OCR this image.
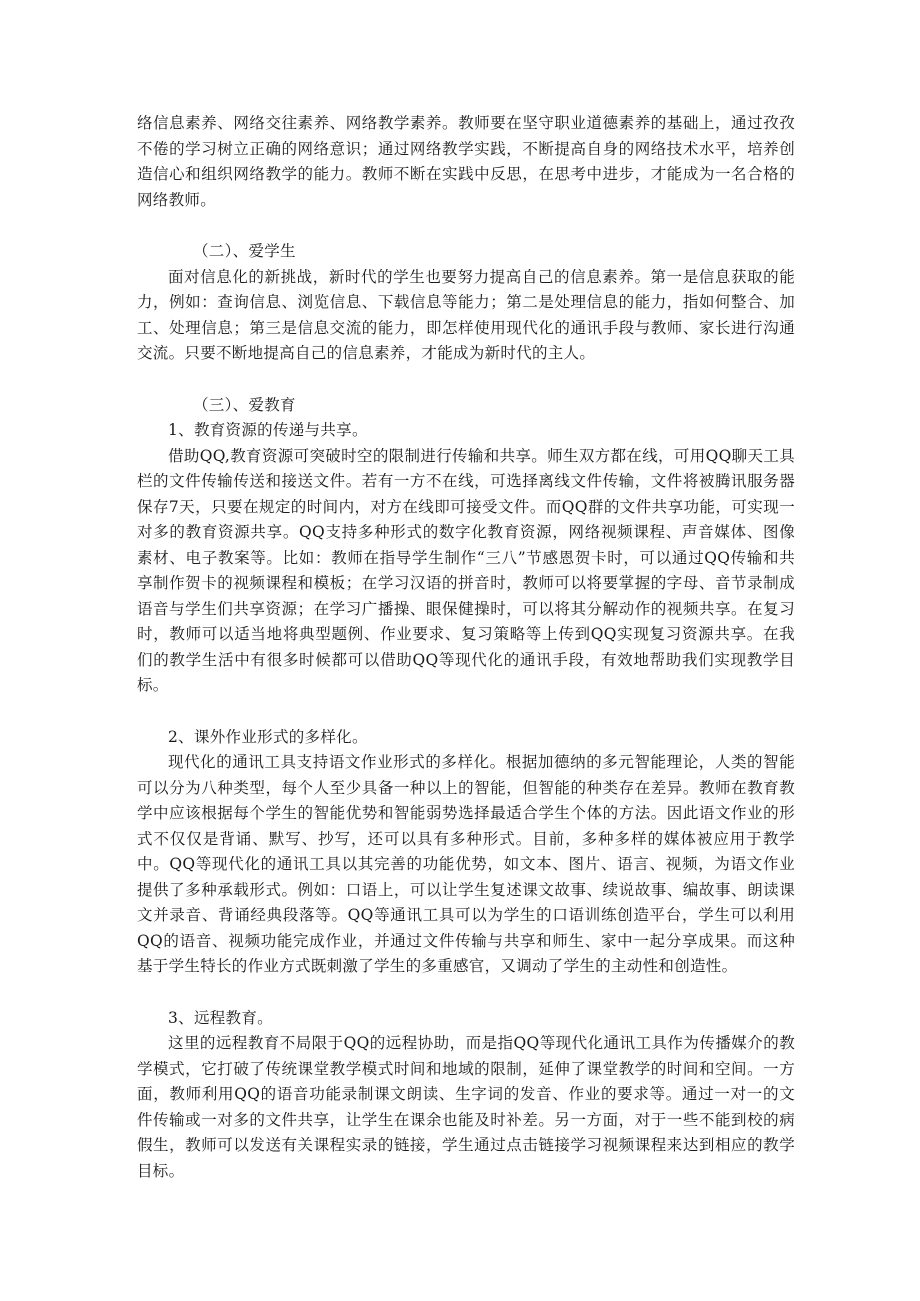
络信息素养、网络交往素养、网络教学素养。教师要在坚守职业道德素养的基础上，通过孜孜不倦的学习树立正确的网络意识；通过网络教学实践，不断提高自身的网络技术水平，培养创造信心和组织网络教学的能力。教师不断在实践中反思，在思考中进步，才能成为一名合格的网络教师。

（二）、爱学生

面对信息化的新挑战，新时代的学生也要努力提高自己的信息素养。第一是信息获取的能力，例如：查询信息、浏览信息、下载信息等能力；第二是处理信息的能力，指如何整合、加工、处理信息；第三是信息交流的能力，即怎样使用现代化的通讯手段与教师、家长进行沟通交流。只要不断地提高自己的信息素养，才能成为新时代的主人。

（三）、爱教育

1、教育资源的传递与共享。

借助QQ,教育资源可突破时空的限制进行传输和共享。师生双方都在线，可用QQ聊天工具栏的文件传输传送和接送文件。若有一方不在线，可选择离线文件传输，文件将被腾讯服务器保存7天，只要在规定的时间内，对方在线即可接受文件。而QQ群的文件共享功能，可实现一对多的教育资源共享。QQ支持多种形式的数字化教育资源，网络视频课程、声音媒体、图像素材、电子教案等。比如：教师在指导学生制作“三八”节感恩贺卡时，可以通过QQ传输和共享制作贺卡的视频课程和模板；在学习汉语的拼音时，教师可以将要掌握的字母、音节录制成语音与学生们共享资源；在学习广播操、眼保健操时，可以将其分解动作的视频共享。在复习时，教师可以适当地将典型题例、作业要求、复习策略等上传到QQ实现复习资源共享。在我们的教学生活中有很多时候都可以借助QQ等现代化的通讯手段，有效地帮助我们实现教学目标。

2、课外作业形式的多样化。

现代化的通讯工具支持语文作业形式的多样化。根据加德纳的多元智能理论，人类的智能可以分为八种类型，每个人至少具备一种以上的智能，但智能的种类存在差异。教师在教育教学中应该根据每个学生的智能优势和智能弱势选择最适合学生个体的方法。因此语文作业的形式不仅仅是背诵、默写、抄写，还可以具有多种形式。目前，多种多样的媒体被应用于教学中。QQ等现代化的通讯工具以其完善的功能优势，如文本、图片、语言、视频，为语文作业提供了多种承载形式。例如：口语上，可以让学生复述课文故事、续说故事、编故事、朗读课文并录音、背诵经典段落等。QQ等通讯工具可以为学生的口语训练创造平台，学生可以利用QQ的语音、视频功能完成作业，并通过文件传输与共享和师生、家中一起分享成果。而这种基于学生特长的作业方式既刺激了学生的多重感官，又调动了学生的主动性和创造性。

3、远程教育。

这里的远程教育不局限于QQ的远程协助，而是指QQ等现代化通讯工具作为传播媒介的教学模式，它打破了传统课堂教学模式时间和地域的限制，延伸了课堂教学的时间和空间。一方面，教师利用QQ的语音功能录制课文朗读、生字词的发音、作业的要求等。通过一对一的文件传输或一对多的文件共享，让学生在课余也能及时补差。另一方面，对于一些不能到校的病假生，教师可以发送有关课程实录的链接，学生通过点击链接学习视频课程来达到相应的教学目标。
